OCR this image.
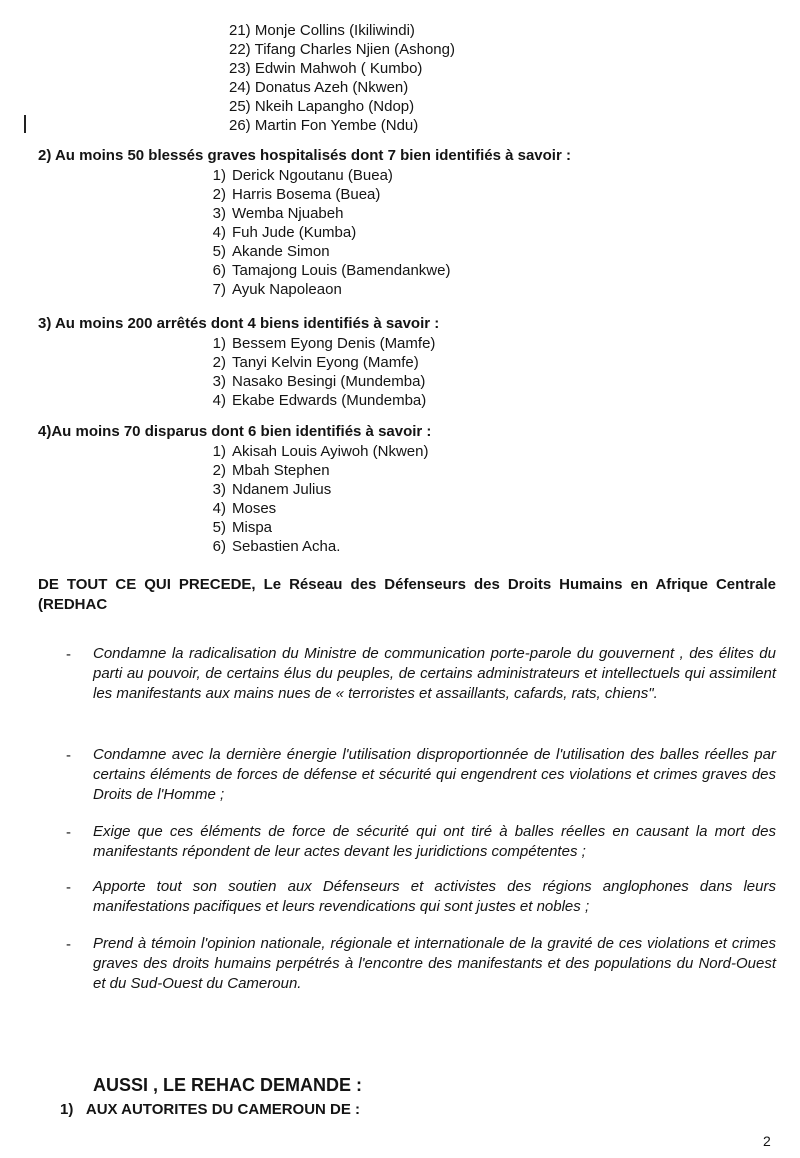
21) Monje Collins (Ikiliwindi)
22) Tifang Charles Njien (Ashong)
23) Edwin Mahwoh ( Kumbo)
24) Donatus Azeh (Nkwen)
25) Nkeih Lapangho (Ndop)
26) Martin Fon Yembe (Ndu)
2) Au moins 50 blessés graves hospitalisés dont 7 bien identifiés à savoir :
1) Derick Ngoutanu (Buea)
2) Harris Bosema (Buea)
3) Wemba Njuabeh
4) Fuh Jude (Kumba)
5) Akande Simon
6) Tamajong Louis (Bamendankwe)
7) Ayuk Napoleaon
3) Au moins 200 arrêtés dont 4 biens identifiés à savoir :
1) Bessem Eyong Denis (Mamfe)
2) Tanyi Kelvin Eyong (Mamfe)
3) Nasako Besingi (Mundemba)
4) Ekabe Edwards (Mundemba)
4)Au moins 70 disparus dont 6 bien identifiés à savoir :
1) Akisah Louis Ayiwoh (Nkwen)
2) Mbah Stephen
3) Ndanem Julius
4) Moses
5) Mispa
6) Sebastien Acha.
DE TOUT CE QUI PRECEDE, Le Réseau des Défenseurs des Droits Humains en Afrique Centrale (REDHAC
- Condamne la radicalisation du Ministre de communication porte-parole du gouvernent , des élites du parti au pouvoir, de certains élus du peuples, de certains administrateurs et intellectuels qui assimilent les manifestants aux mains nues de « terroristes et assaillants, cafards, rats, chiens".
- Condamne avec la dernière énergie l'utilisation disproportionnée de l'utilisation des balles réelles par certains éléments de forces de défense et sécurité qui engendrent ces violations et crimes graves des Droits de l'Homme ;
- Exige que ces éléments de force de sécurité qui ont tiré à balles réelles en causant la mort des manifestants répondent de leur actes devant les juridictions compétentes ;
- Apporte tout son soutien aux Défenseurs et activistes des régions anglophones dans leurs manifestations pacifiques et leurs revendications qui sont justes et nobles ;
- Prend à témoin l'opinion nationale, régionale et internationale de la gravité de ces violations et crimes graves des droits humains perpétrés à l'encontre des manifestants et des populations du Nord-Ouest et du Sud-Ouest du Cameroun.
AUSSI , LE REHAC DEMANDE :
1) AUX AUTORITES DU CAMEROUN DE :
2
